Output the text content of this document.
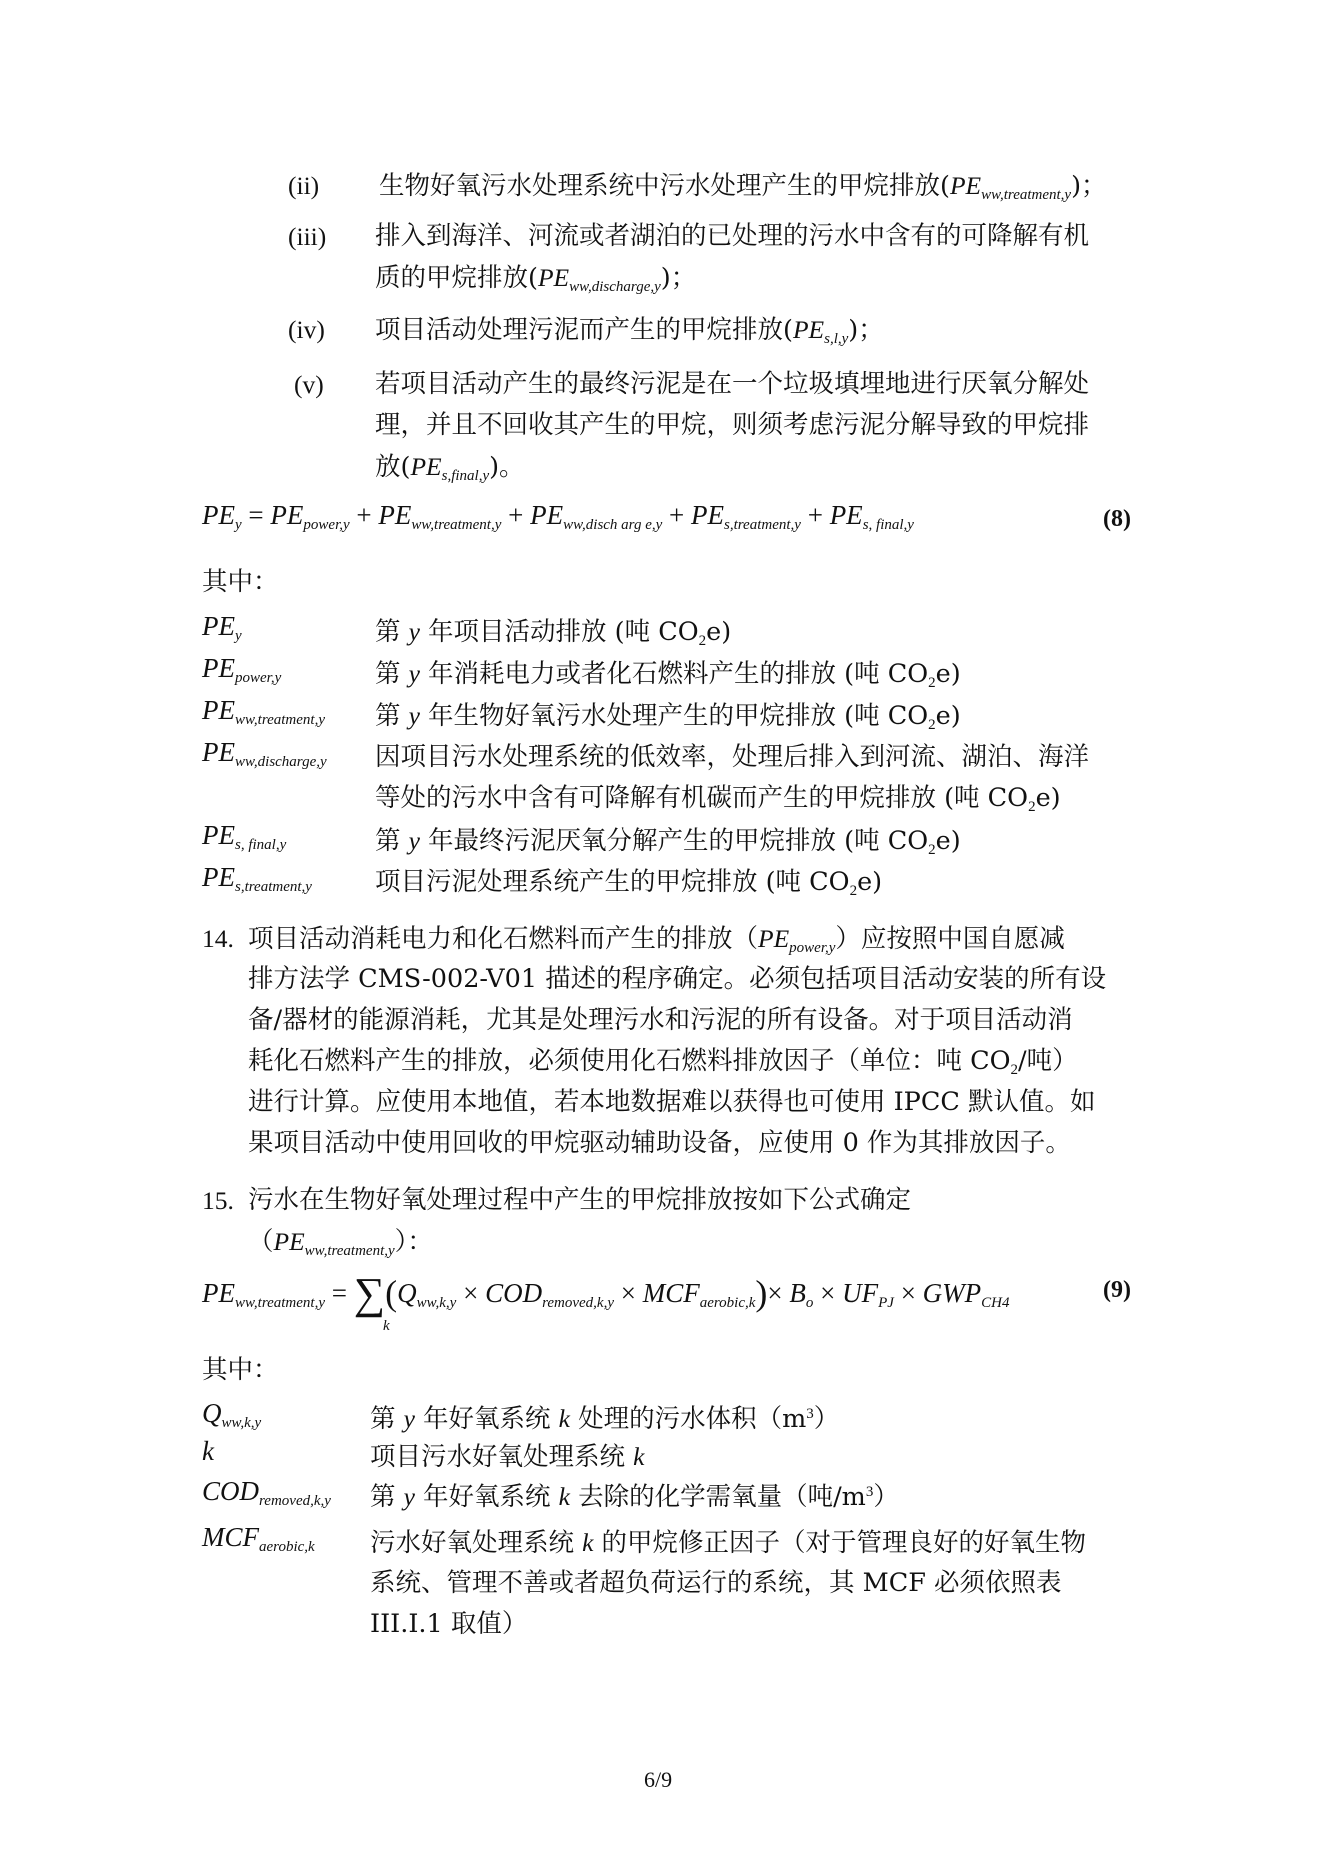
(ii) 生物好氧污水处理系统中污水处理产生的甲烷排放$(PE_{ww,treatment,y})$；
(iii) 排入到海洋、河流或者湖泊的已处理的污水中含有的可降解有机
质的甲烷排放$(PE_{ww,discharge,y})$；
(iv) 项目活动处理污泥而产生的甲烷排放$(PE_{s,l,y})$；
(v) 若项目活动产生的最终污泥是在一个垃圾填埋地进行厌氧分解处
理，并且不回收其产生的甲烷，则须考虑污泥分解导致的甲烷排
放$(PE_{s,final,y})$。
$PE_y = PE_{power,y} + PE_{ww,treatment,y} + PE_{ww,disch arg e,y} + PE_{s,treatment,y} + PE_{s, final,y}$	(8)
其中：
$PE_y$	第 y 年项目活动排放 (吨 $CO_2e$)
$PE_{power,y}$	第 y 年消耗电力或者化石燃料产生的排放 (吨 $CO_2e$)
$PE_{ww,treatment,y}$ 第 y 年生物好氧污水处理产生的甲烷排放 (吨 $CO_2e$)
$PE_{ww,discharge,y}$ 因项目污水处理系统的低效率，处理后排入到河流、湖泊、海洋
等处的污水中含有可降解有机碳而产生的甲烷排放 (吨 $CO_2e$)
$PE_{s, final,y}$	第 y 年最终污泥厌氧分解产生的甲烷排放 (吨 $CO_2e$)
$PE_{s,treatment,y}$ 项目污泥处理系统产生的甲烷排放 (吨 $CO_2e$)
14. 项目活动消耗电力和化石燃料而产生的排放$(PE_{power,y})$应按照中国自愿减
排方法学 CMS-002-V01 描述的程序确定。必须包括项目活动安装的所有设
备/器材的能源消耗，尤其是处理污水和污泥的所有设备。对于项目活动消
耗化石燃料产生的排放，必须使用化石燃料排放因子（单位：吨 $CO_2/$吨）
进行计算。应使用本地值，若本地数据难以获得也可使用 IPCC 默认值。如
果项目活动中使用回收的甲烷驱动辅助设备，应使用 0 作为其排放因子。
15. 污水在生物好氧处理过程中产生的甲烷排放按如下公式确定
$(PE_{ww,treatment,y})$：
$PE_{ww,treatment,y} = \sum(Q_{ww,k,y} \times COD_{removed,k,y} \times MCF_{aerobic,k})\times B_o \times UF_{PJ} \times GWP_{CH4}$
k
(9)
其中：
$Q_{ww,k,y}$	第 y 年好氧系统 k 处理的污水体积$(m^3)$
k	项目污水好氧处理系统 k
$COD_{removed,k,y}$ 第 y 年好氧系统 k 去除的化学需氧量（吨$/m^3$）
$MCF_{aerobic,k}$ 污水好氧处理系统 k 的甲烷修正因子（对于管理良好的好氧生物
系统、管理不善或者超负荷运行的系统，其 MCF 必须依照表
III.I.1 取值）
6/9
